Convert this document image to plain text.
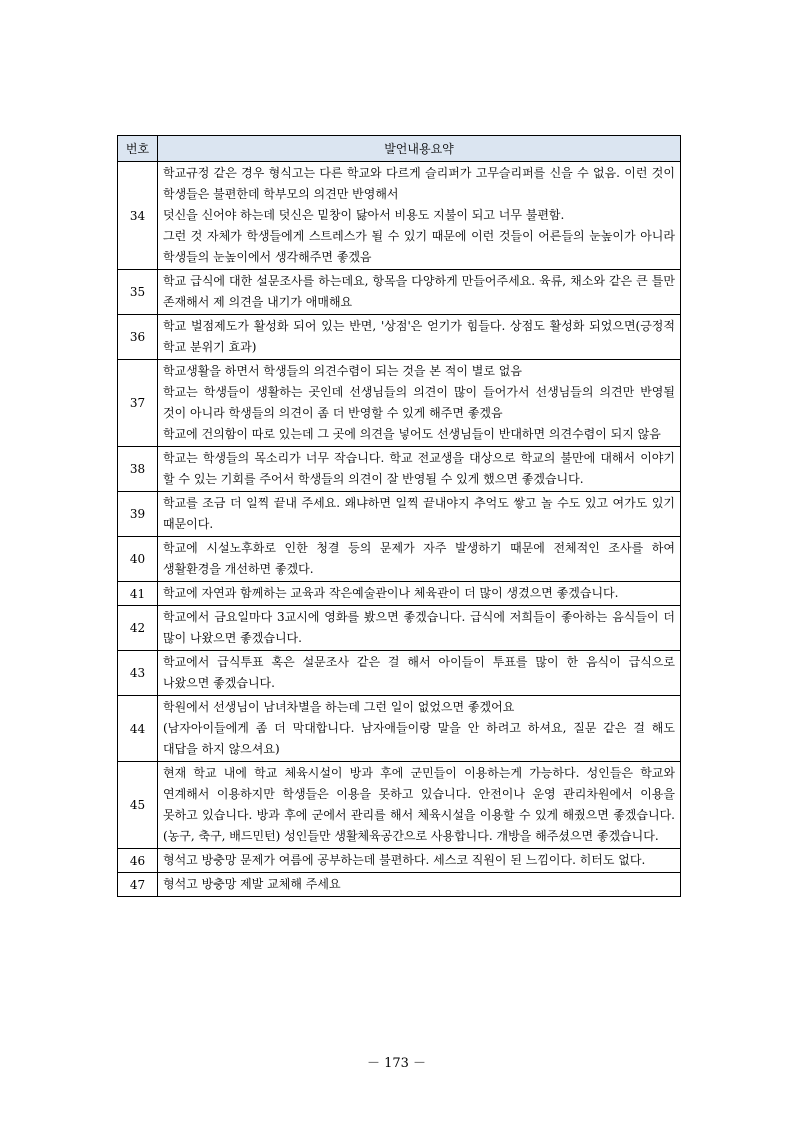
번호	발언내용요약
34	학교규정 같은 경우 형식고는 다른 학교와 다르게 슬리퍼가 고무슬리퍼를 신을 수 없음. 이런 것이 학생들은 불편한데 학부모의 의견만 반영해서
덧신을 신어야 하는데 덧신은 밑창이 닳아서 비용도 지불이 되고 너무 불편함.
그런 것 자체가 학생들에게 스트레스가 될 수 있기 때문에 이런 것들이 어른들의 눈높이가 아니라 학생들의 눈높이에서 생각해주면 좋겠음

35	학교 급식에 대한 설문조사를 하는데요, 항목을 다양하게 만들어주세요. 육류, 채소와 같은 큰 틀만 존재해서 제 의견을 내기가 애매해요

36	학교 벌점제도가 활성화 되어 있는 반면, '상점'은 얻기가 힘들다. 상점도 활성화 되었으면(긍정적 학교 분위기 효과)

37	학교생활을 하면서 학생들의 의견수렴이 되는 것을 본 적이 별로 없음
학교는 학생들이 생활하는 곳인데 선생님들의 의견이 많이 들어가서 선생님들의 의견만 반영될 것이 아니라 학생들의 의견이 좀 더 반영할 수 있게 해주면 좋겠음
학교에 건의함이 따로 있는데 그 곳에 의견을 넣어도 선생님들이 반대하면 의견수렴이 되지 않음

38	학교는 학생들의 목소리가 너무 작습니다. 학교 전교생을 대상으로 학교의 불만에 대해서 이야기 할 수 있는 기회를 주어서 학생들의 의견이 잘 반영될 수 있게 했으면 좋겠습니다.

39	학교를 조금 더 일찍 끝내 주세요. 왜냐하면 일찍 끝내야지 추억도 쌓고 놀 수도 있고 여가도 있기 때문이다.

40	학교에 시설노후화로 인한 청결 등의 문제가 자주 발생하기 때문에 전체적인 조사를 하여 생활환경을 개선하면 좋겠다.

41	학교에 자연과 함께하는 교육과 작은예술관이나 체육관이 더 많이 생겼으면 좋겠습니다.

42	학교에서 금요일마다 3교시에 영화를 봤으면 좋겠습니다. 급식에 저희들이 좋아하는 음식들이 더 많이 나왔으면 좋겠습니다.

43	학교에서 급식투표 혹은 설문조사 같은 걸 해서 아이들이 투표를 많이 한 음식이 급식으로 나왔으면 좋겠습니다.

44	학원에서 선생님이 남녀차별을 하는데 그런 일이 없었으면 좋겠어요
(남자아이들에게 좀 더 막대합니다. 남자애들이랑 말을 안 하려고 하셔요, 질문 같은 걸 해도 대답을 하지 않으셔요)

45	현재 학교 내에 학교 체육시설이 방과 후에 군민들이 이용하는게 가능하다. 성인들은 학교와 연계해서 이용하지만 학생들은 이용을 못하고 있습니다. 안전이나 운영 관리차원에서 이용을 못하고 있습니다. 방과 후에 군에서 관리를 해서 체육시설을 이용할 수 있게 해줬으면 좋겠습니다. (농구, 축구, 배드민턴) 성인들만 생활체육공간으로 사용합니다. 개방을 해주셨으면 좋겠습니다.

46	형석고 방충망 문제가 여름에 공부하는데 불편하다. 세스코 직원이 된 느낌이다. 히터도 없다.

47	형석고 방충망 제발 교체해 주세요
－ 173 －
